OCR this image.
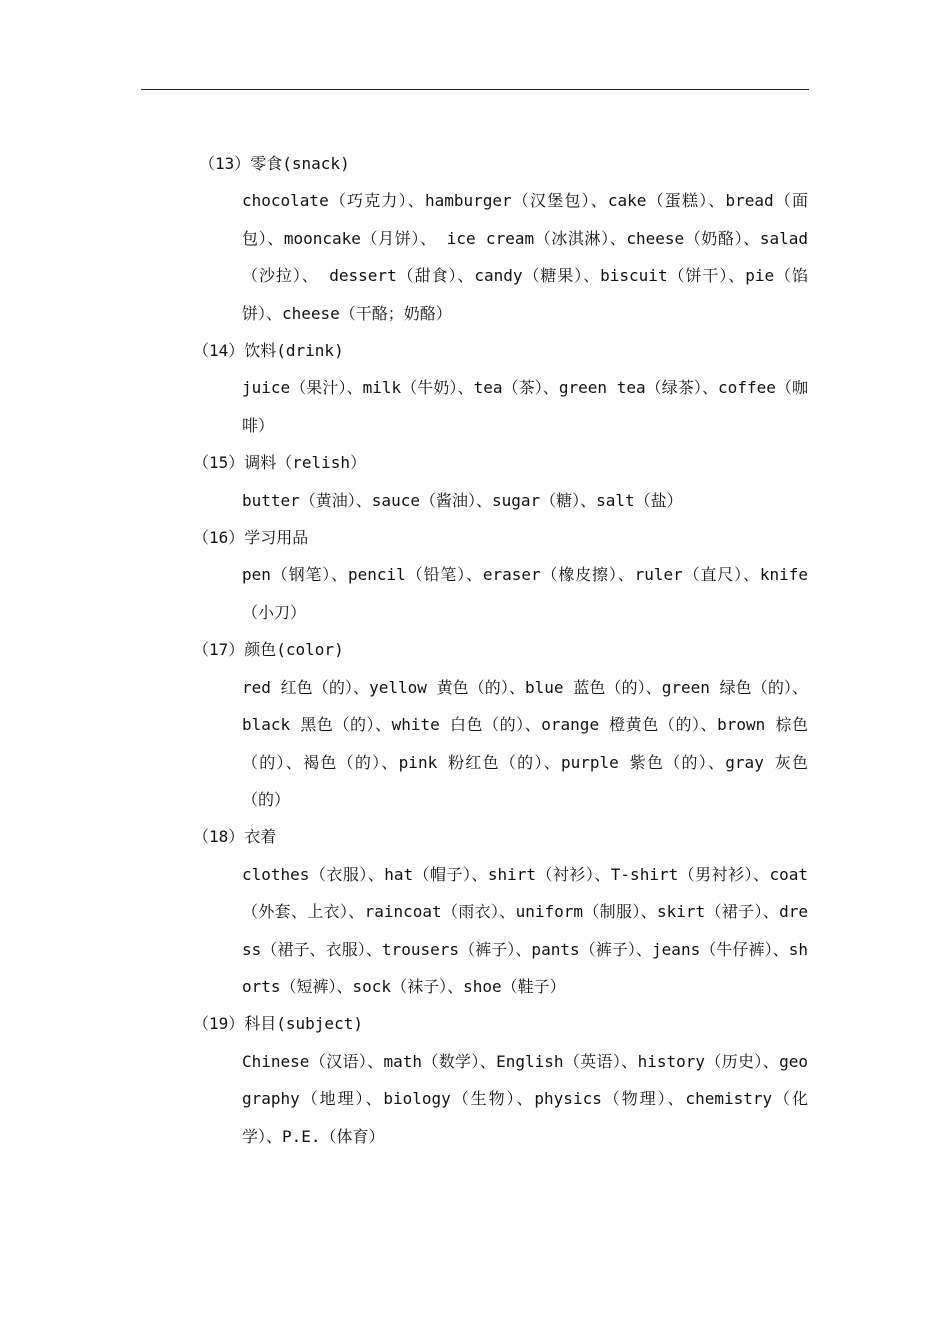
（13）零食(snack)

chocolate（巧克力）、hamburger（汉堡包）、cake（蛋糕）、bread（面包）、mooncake（月饼）、 ice cream（冰淇淋）、cheese（奶酪）、salad（沙拉）、 dessert（甜食）、candy（糖果）、biscuit（饼干）、pie（馅饼）、cheese（干酪；奶酪）

（14）饮料(drink)

juice（果汁）、milk（牛奶）、tea（茶）、green tea（绿茶）、coffee（咖啡）

（15）调料（relish）

butter（黄油）、sauce（酱油）、sugar（糖）、salt（盐）

（16）学习用品

pen（钢笔）、pencil（铅笔）、eraser（橡皮擦）、ruler（直尺）、knife（小刀）

（17）颜色(color)

red 红色（的）、yellow 黄色（的）、blue 蓝色（的）、green 绿色（的）、black 黑色（的）、white 白色（的）、orange 橙黄色（的）、brown 棕色（的）、褐色（的）、pink 粉红色（的）、purple 紫色（的）、gray 灰色（的）

（18）衣着

clothes（衣服）、hat（帽子）、shirt（衬衫）、T-shirt（男衬衫）、coat（外套、上衣）、raincoat（雨衣）、uniform（制服）、skirt（裙子）、dress（裙子、衣服）、trousers（裤子）、pants（裤子）、jeans（牛仔裤）、shorts（短裤）、sock（袜子）、shoe（鞋子）

（19）科目(subject)

Chinese（汉语）、math（数学）、English（英语）、history（历史）、geography（地理）、biology（生物）、physics（物理）、chemistry（化学）、P.E.（体育）
